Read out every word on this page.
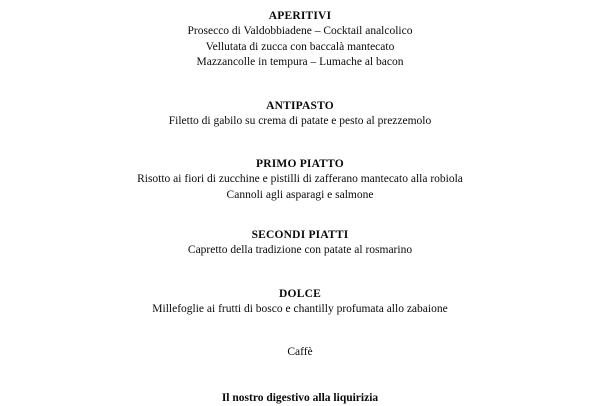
APERITIVI
Prosecco di Valdobbiadene – Cocktail analcolico
Vellutata di zucca con baccalà mantecato
Mazzancolle in tempura – Lumache al bacon
ANTIPASTO
Filetto di gabilo su crema di patate e pesto al prezzemolo
PRIMO PIATTO
Risotto ai fiori di zucchine e pistilli di zafferano mantecato alla robiola
Cannoli agli asparagi e salmone
SECONDI PIATTI
Capretto della tradizione con patate al rosmarino
DOLCE
Millefoglie ai frutti di bosco e chantilly profumata allo zabaione
Caffè
Il nostro digestivo alla liquirizia
